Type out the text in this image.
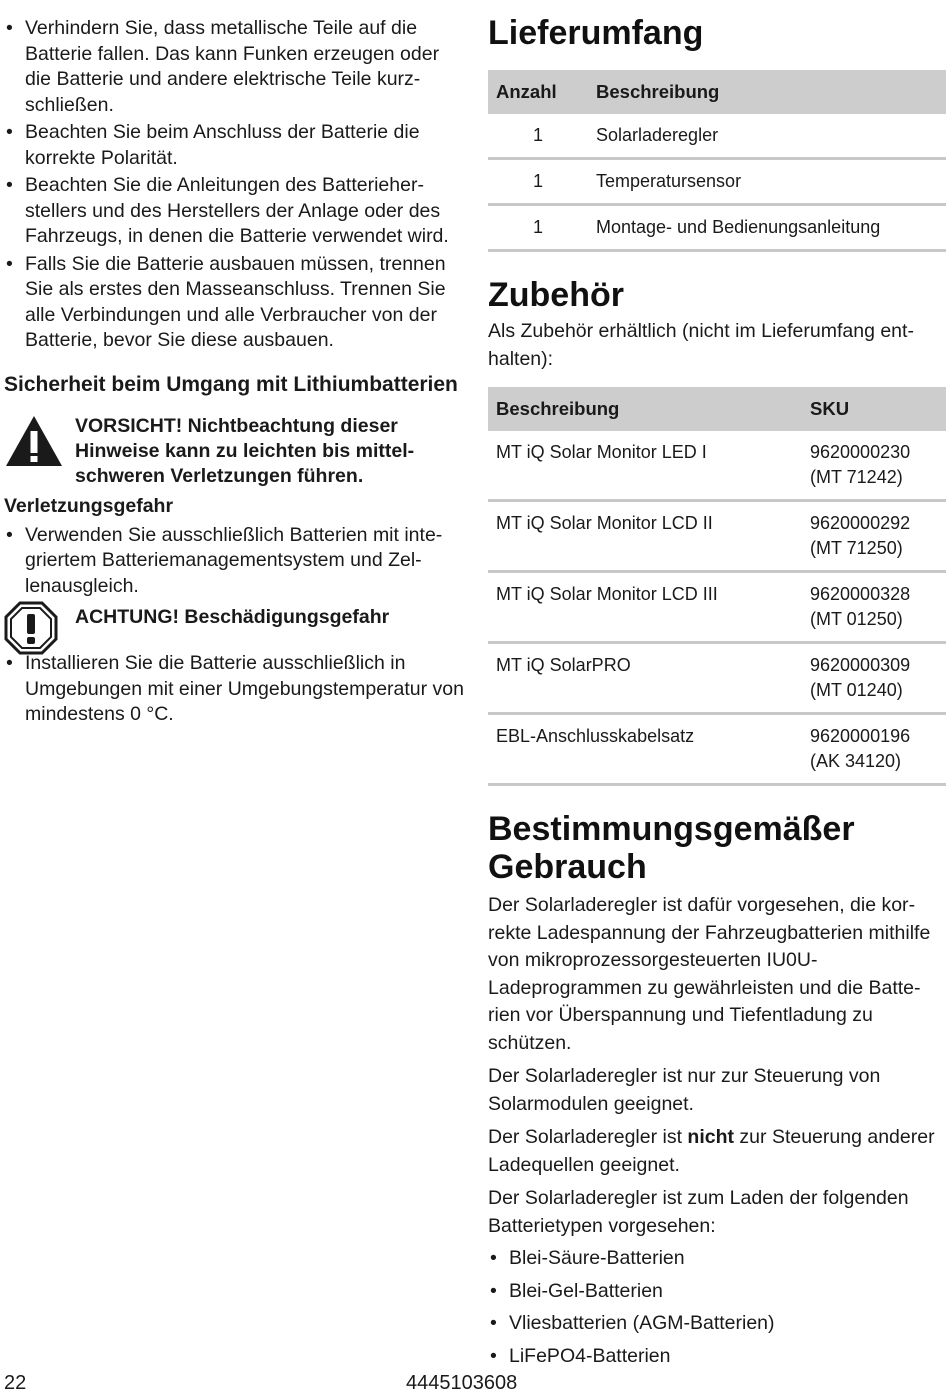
• Verhindern Sie, dass metallische Teile auf die Batterie fallen. Das kann Funken erzeugen oder die Batterie und andere elektrische Teile kurzschließen.
• Beachten Sie beim Anschluss der Batterie die korrekte Polarität.
• Beachten Sie die Anleitungen des Batterieherstellers und des Herstellers der Anlage oder des Fahrzeugs, in denen die Batterie verwendet wird.
• Falls Sie die Batterie ausbauen müssen, trennen Sie als erstes den Masseanschluss. Trennen Sie alle Verbindungen und alle Verbraucher von der Batterie, bevor Sie diese ausbauen.
Sicherheit beim Umgang mit Lithiumbatterien
VORSICHT! Nichtbeachtung dieser Hinweise kann zu leichten bis mittelschweren Verletzungen führen.
Verletzungsgefahr
• Verwenden Sie ausschließlich Batterien mit integriertem Batteriemanagementsystem und Zellenausgleich.
ACHTUNG! Beschädigungsgefahr
• Installieren Sie die Batterie ausschließlich in Umgebungen mit einer Umgebungstemperatur von mindestens 0 °C.
Lieferumfang
Anzahl	Beschreibung
1	Solarladeregler
1	Temperatursensor
1	Montage- und Bedienungsanleitung
Zubehör

Als Zubehör erhältlich (nicht im Lieferumfang enthalten):

Beschreibung	SKU
MT iQ Solar Monitor LED I	9620000230
(MT 71242)

MT iQ Solar Monitor LCD II	9620000292
(MT 71250)

MT iQ Solar Monitor LCD III	9620000328
(MT 01250)

MT iQ SolarPRO	9620000309
(MT 01240)

EBL-Anschlusskabelsatz	9620000196
(AK 34120)
Bestimmungsgemäßer Gebrauch

Der Solarladeregler ist dafür vorgesehen, die korrekte Ladespannung der Fahrzeugbatterien mithilfe von mikroprozessorgesteuerten IU0U-Ladeprogrammen zu gewährleisten und die Batterien vor Überspannung und Tiefentladung zu schützen.

Der Solarladeregler ist nur zur Steuerung von Solarmodulen geeignet.

Der Solarladeregler ist nicht zur Steuerung anderer Ladequellen geeignet.

Der Solarladeregler ist zum Laden der folgenden Batterietypen vorgesehen:

• Blei-Säure-Batterien
• Blei-Gel-Batterien
• Vliesbatterien (AGM-Batterien)
• LiFePO4-Batterien
22	4445103608
